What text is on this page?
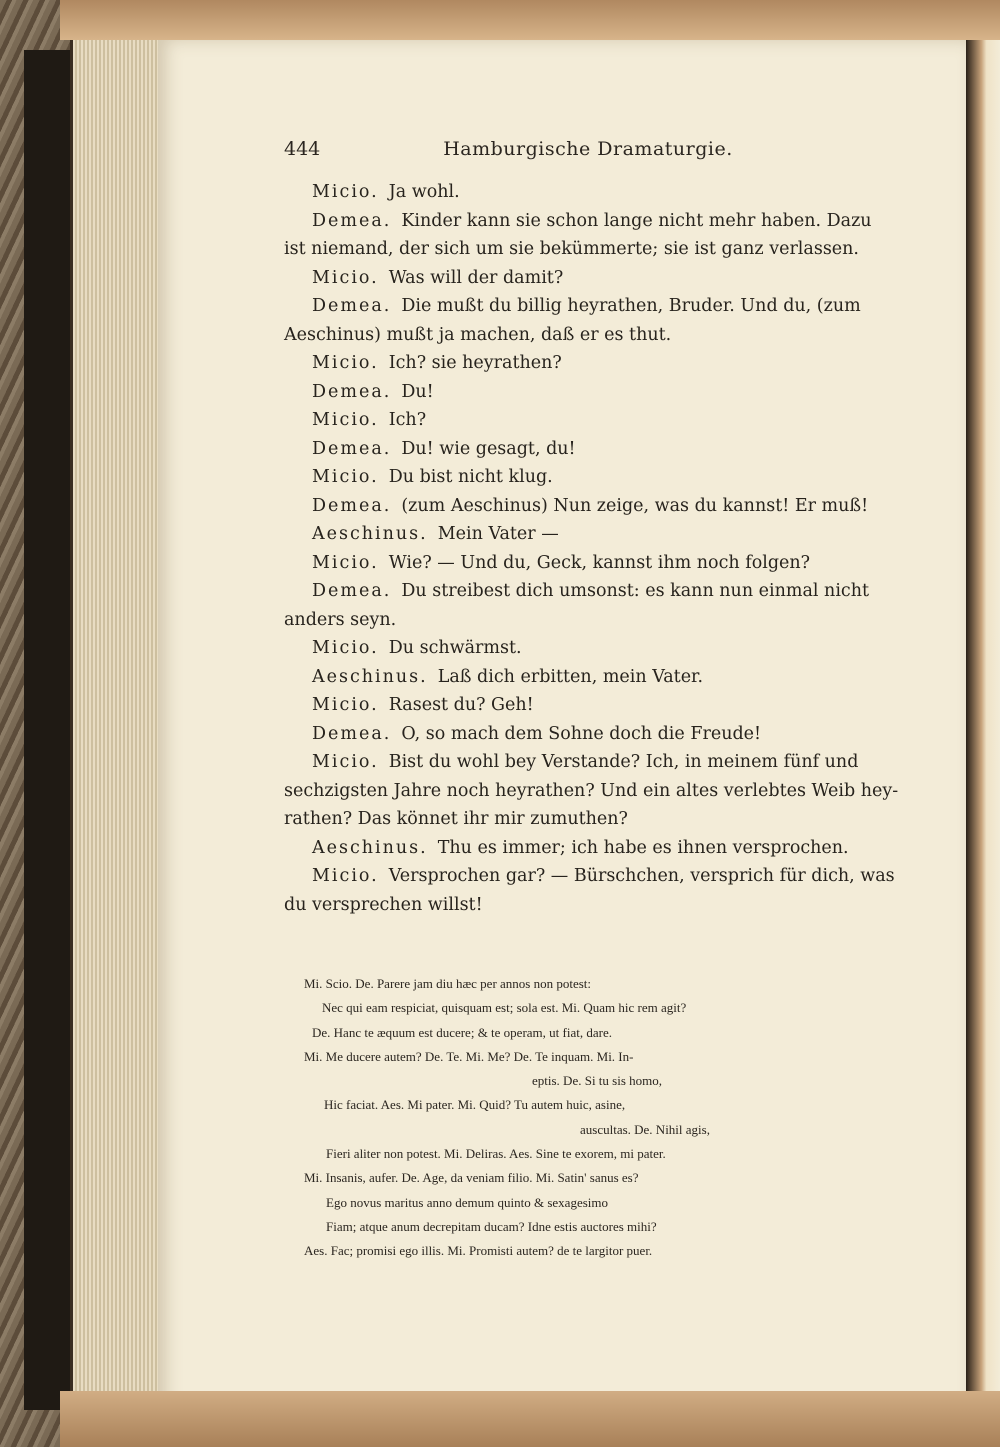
444	Hamburgische Dramaturgie.

Micio. Ja wohl.

Demea. Kinder kann sie schon lange nicht mehr haben. Dazu

ist niemand, der sich um sie bekümmerte; sie ist ganz verlassen.

Micio. Was will der damit?

Demea. Die mußt du billig heyrathen, Bruder. Und du, (zum

Aeschinus) mußt ja machen, daß er es thut.

Micio. Ich? sie heyrathen?

Demea. Du!

Micio. Ich?

Demea. Du! wie gesagt, du!

Micio. Du bist nicht klug.

Demea. (zum Aeschinus) Nun zeige, was du kannst! Er muß!

Aeschinus. Mein Vater —

Micio. Wie? — Und du, Geck, kannst ihm noch folgen?

Demea. Du streibest dich umsonst: es kann nun einmal nicht

anders seyn.

Micio. Du schwärmst.

Aeschinus. Laß dich erbitten, mein Vater.

Micio. Rasest du? Geh!

Demea. O, so mach dem Sohne doch die Freude!

Micio. Bist du wohl bey Verstande? Ich, in meinem fünf und

sechzigsten Jahre noch heyrathen? Und ein altes verlebtes Weib hey-

rathen? Das könnet ihr mir zumuthen?

Aeschinus. Thu es immer; ich habe es ihnen versprochen.

Micio. Versprochen gar? — Bürschchen, versprich für dich, was

du versprechen willst!

Mi. Scio. De. Parere jam diu hæc per annos non potest:

Nec qui eam respiciat, quisquam est; sola est. Mi. Quam hic rem agit?

De. Hanc te æquum est ducere; & te operam, ut fiat, dare.

Mi. Me ducere autem? De. Te. Mi. Me? De. Te inquam. Mi. In-

eptis. De. Si tu sis homo,

Hic faciat. Aes. Mi pater. Mi. Quid? Tu autem huic, asine,

auscultas. De. Nihil agis,

Fieri aliter non potest. Mi. Deliras. Aes. Sine te exorem, mi pater.

Mi. Insanis, aufer. De. Age, da veniam filio. Mi. Satin' sanus es?

Ego novus maritus anno demum quinto & sexagesimo

Fiam; atque anum decrepitam ducam? Idne estis auctores mihi?

Aes. Fac; promisi ego illis. Mi. Promisti autem? de te largitor puer.
